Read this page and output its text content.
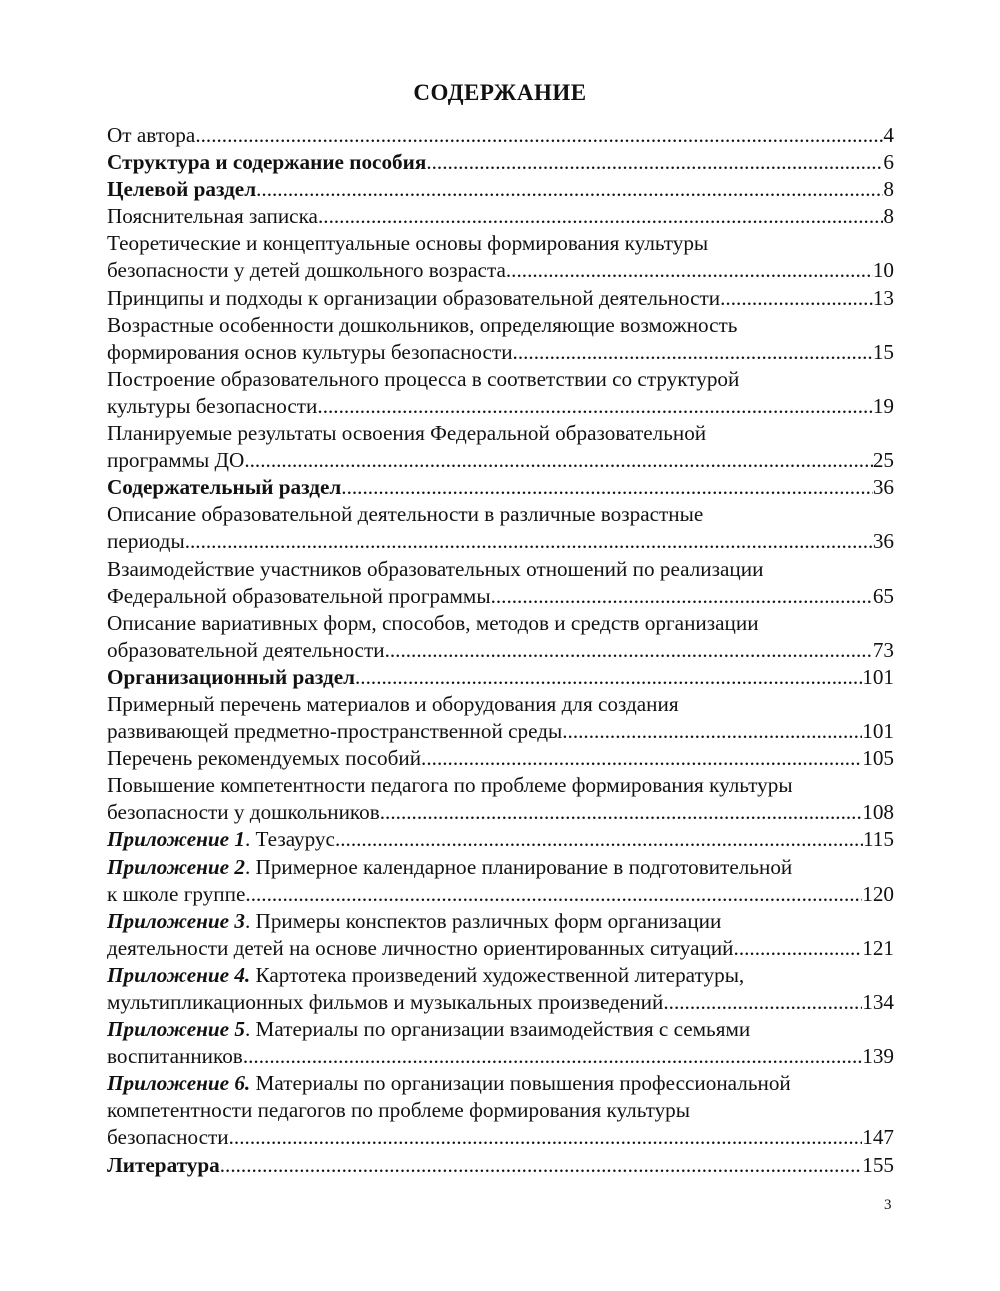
СОДЕРЖАНИЕ
От автора .....	4
Структура и содержание пособия .....	6
Целевой раздел .....	8
Пояснительная записка .....	8
Теоретические и концептуальные основы формирования культуры
безопасности у детей дошкольного возраста .....	10
Принципы и подходы к организации образовательной деятельности .....	13
Возрастные особенности дошкольников, определяющие возможность
формирования основ культуры безопасности .....	15
Построение образовательного процесса в соответствии со структурой
культуры безопасности .....	19
Планируемые результаты освоения Федеральной образовательной
программы ДО .....	25
Содержательный раздел .....	36
Описание образовательной деятельности в различные возрастные
периоды .....	36
Взаимодействие участников образовательных отношений по реализации
Федеральной образовательной программы .....	65
Описание вариативных форм, способов, методов и средств организации
образовательной деятельности .....	73
Организационный раздел .....	101
Примерный перечень материалов и оборудования для создания
развивающей предметно-пространственной среды .....	101
Перечень рекомендуемых пособий .....	105
Повышение компетентности педагога по проблеме формирования культуры
безопасности у дошкольников .....	108
Приложение 1. Тезаурус .....	115
Приложение 2 . Примерное календарное планирование в подготовительной
к школе группе .....	120
Приложение 3 . Примеры конспектов различных форм организации
деятельности детей на основе личностно ориентированных ситуаций .....	121
Приложение 4. Картотека произведений художественной литературы,
мультипликационных фильмов и музыкальных произведений .....	134
Приложение 5 . Материалы по организации взаимодействия с семьями
воспитанников .....	139
Приложение 6. Материалы по организации повышения профессиональной
компетентности педагогов по проблеме формирования культуры
безопасности .....	147
Литература .....	155
3
